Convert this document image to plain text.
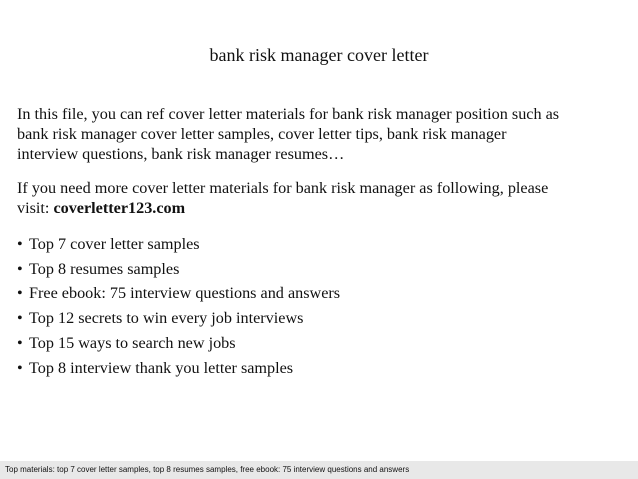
bank risk manager cover letter

In this file, you can ref cover letter materials for bank risk manager position such as
bank risk manager cover letter samples, cover letter tips, bank risk manager
interview questions, bank risk manager resumes…

If you need more cover letter materials for bank risk manager as following, please
visit: coverletter123.com

• Top 7 cover letter samples
• Top 8 resumes samples
• Free ebook: 75 interview questions and answers
• Top 12 secrets to win every job interviews
• Top 15 ways to search new jobs
• Top 8 interview thank you letter samples
Top materials: top 7 cover letter samples, top 8 resumes samples, free ebook: 75 interview questions and answers
